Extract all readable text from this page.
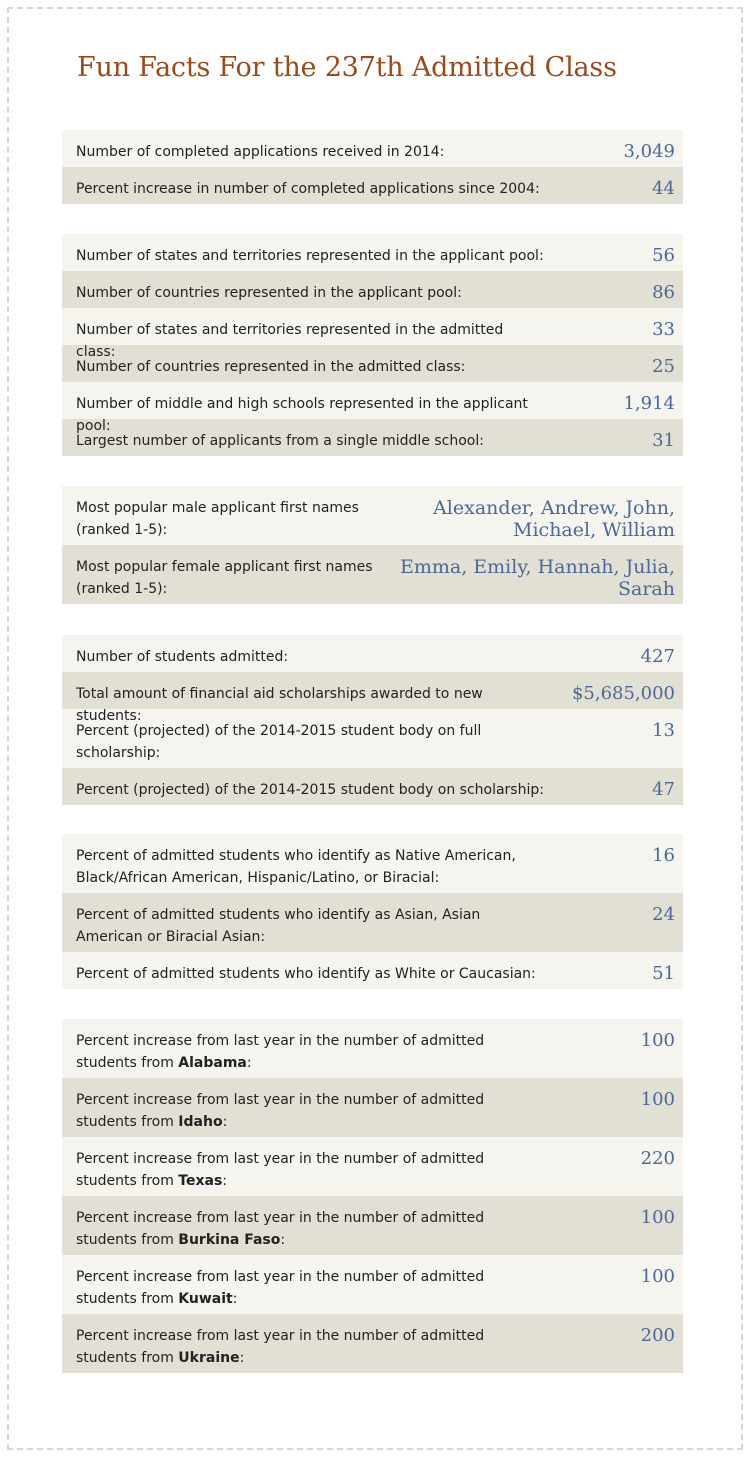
Fun Facts For the 237th Admitted Class
Number of completed applications received in 2014:	3,049
Percent increase in number of completed applications since 2004:	44
Number of states and territories represented in the applicant pool:	56
Number of countries represented in the applicant pool:	86
Number of states and territories represented in the admitted class:
33
Number of countries represented in the admitted class:	25
Number of middle and high schools represented in the applicant pool:
1,914
Largest number of applicants from a single middle school:	31
Most popular male applicant first names (ranked 1-5):
Alexander, Andrew, John, Michael, William
Most popular female applicant first names (ranked 1-5):
Emma, Emily, Hannah, Julia, Sarah
Number of students admitted:	427
Total amount of financial aid scholarships awarded to new students:
$5,685,000
Percent (projected) of the 2014-2015 student body on full scholarship:
13
Percent (projected) of the 2014-2015 student body on scholarship:	47
Percent of admitted students who identify as Native American, Black/African American, Hispanic/Latino, or Biracial:
16
Percent of admitted students who identify as Asian, Asian American or Biracial Asian:
24
Percent of admitted students who identify as White or Caucasian:	51
Percent increase from last year in the number of admitted students from Alabama:
100
Percent increase from last year in the number of admitted students from Idaho:
100
Percent increase from last year in the number of admitted students from Texas:
220
Percent increase from last year in the number of admitted students from Burkina Faso:
100
Percent increase from last year in the number of admitted students from Kuwait:
100
Percent increase from last year in the number of admitted students from Ukraine:
200
